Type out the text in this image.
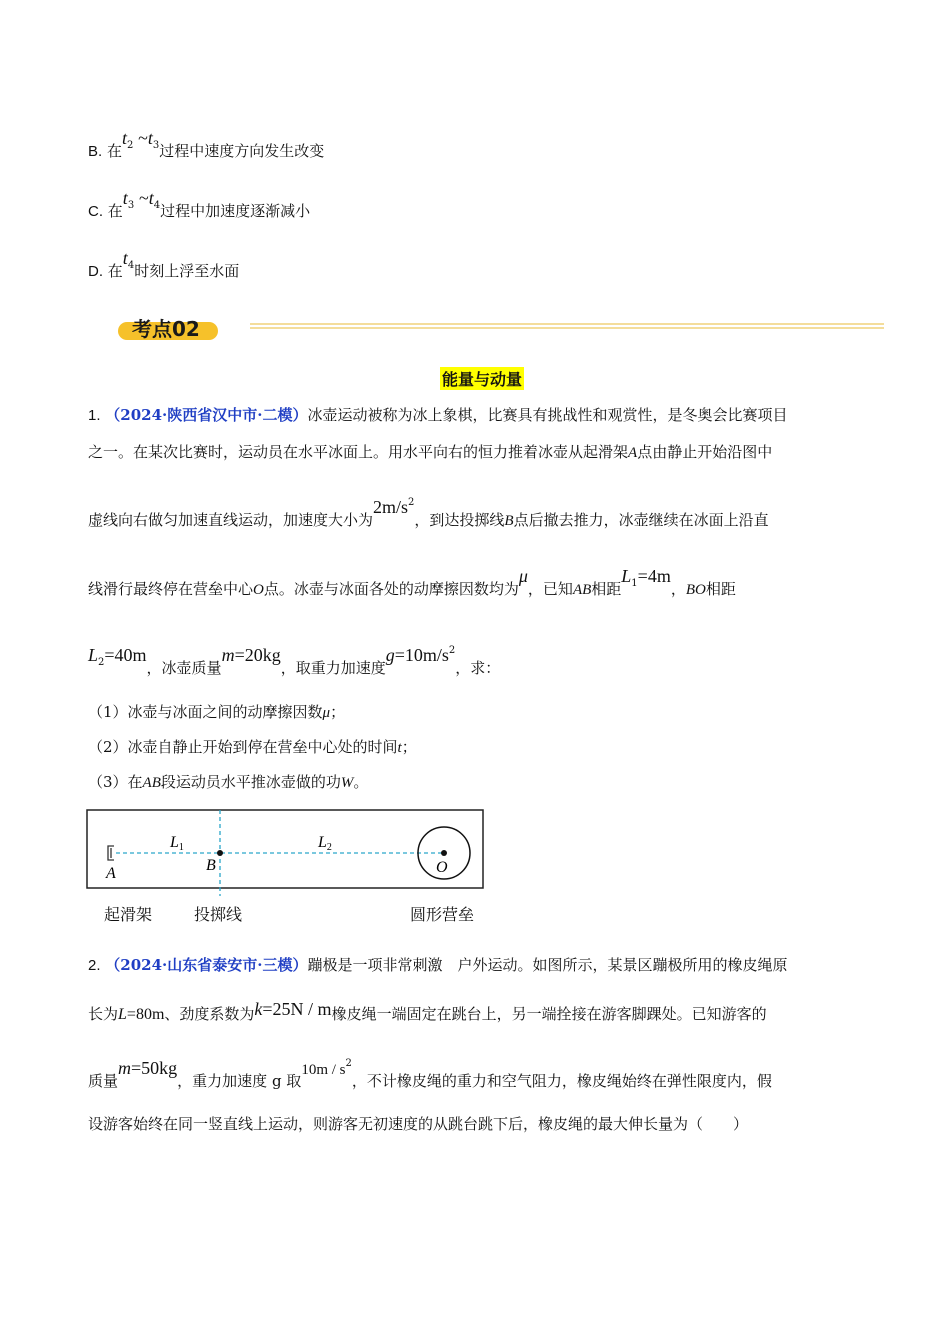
B. 在$t_2$ $\sim t_3$过程中速度方向发生改变
C. 在$t_3$ $\sim t_4$过程中加速度逐渐减小
D. 在$t_4$时刻上浮至水面
考点02
能量与动量
1. （2024·陕西省汉中市·二模）冰壶运动被称为冰上象棋，比赛具有挑战性和观赏性，是冬奥会比赛项目
之一。在某次比赛时，运动员在水平冰面上。用水平向右的恒力推着冰壶从起滑架A点由静止开始沿图中
虚线向右做匀加速直线运动，加速度大小为$2m/s^2$，到达投掷线B点后撤去推力，冰壶继续在冰面上沿直
线滑行最终停在营垒中心O点。冰壶与冰面各处的动摩擦因数均为μ，已知AB相距$L_1=4m$，BO相距
$L_2=40m$，冰壶质量m=20kg，取重力加速度$g=10m/s^2$，求：
（1）冰壶与冰面之间的动摩擦因数μ；
（2）冰壶自静止开始到停在营垒中心处的时间t；
（3）在AB段运动员水平推冰壶做的功W。
A	B	O
L1	L2
起滑架	投掷线	圆形营垒
2. （2024·山东省泰安市·三模）蹦极是一项非常刺激　 户外运动。如图所示，某景区蹦极所用的橡皮绳原
长为L=80m、劲度系数为k=25N / m橡皮绳一端固定在跳台上，另一端拴接在游客脚踝处。已知游客的
质量m=50kg，重力加速度 g 取$10m / s^2$，不计橡皮绳的重力和空气阻力，橡皮绳始终在弹性限度内，假
设游客始终在同一竖直线上运动，则游客无初速度的从跳台跳下后，橡皮绳的最大伸长量为（　　）
